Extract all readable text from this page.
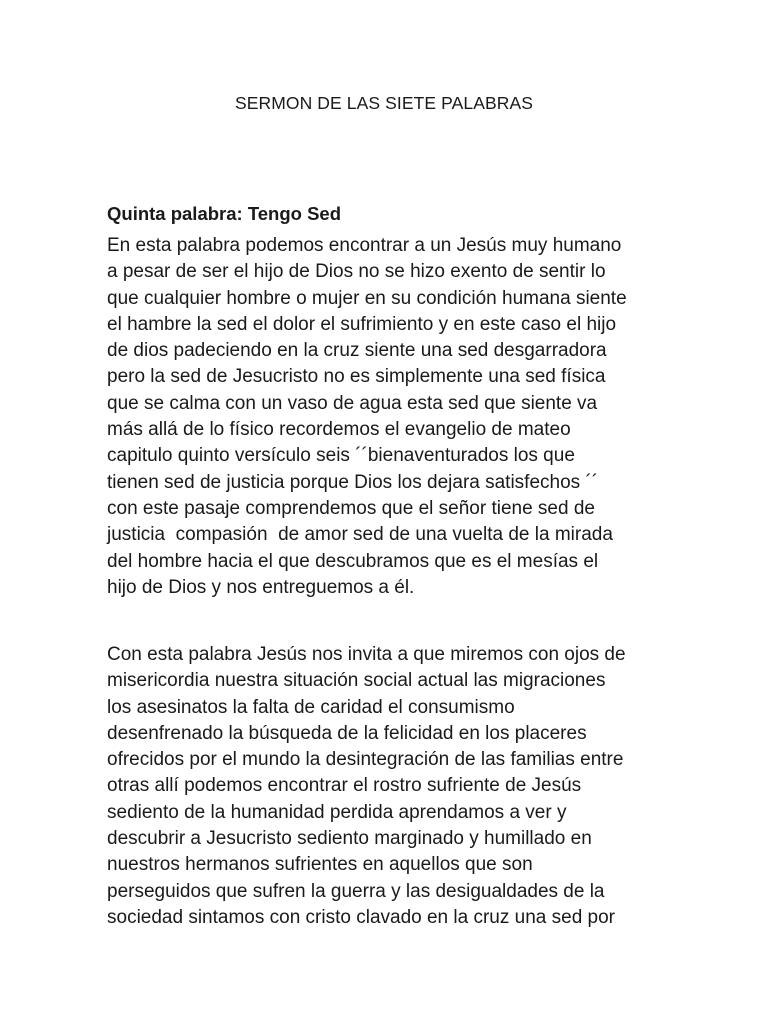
SERMON DE LAS SIETE PALABRAS
Quinta palabra: Tengo Sed

En esta palabra podemos encontrar a un Jesús muy humano
a pesar de ser el hijo de Dios no se hizo exento de sentir lo
que cualquier hombre o mujer en su condición humana siente
el hambre la sed el dolor el sufrimiento y en este caso el hijo
de dios padeciendo en la cruz siente una sed desgarradora
pero la sed de Jesucristo no es simplemente una sed física
que se calma con un vaso de agua esta sed que siente va
más allá de lo físico recordemos el evangelio de mateo
capitulo quinto versículo seis ´´bienaventurados los que
tienen sed de justicia porque Dios los dejara satisfechos ´´
con este pasaje comprendemos que el señor tiene sed de
justicia  compasión  de amor sed de una vuelta de la mirada
del hombre hacia el que descubramos que es el mesías el
hijo de Dios y nos entreguemos a él.

Con esta palabra Jesús nos invita a que miremos con ojos de
misericordia nuestra situación social actual las migraciones
los asesinatos la falta de caridad el consumismo
desenfrenado la búsqueda de la felicidad en los placeres
ofrecidos por el mundo la desintegración de las familias entre
otras allí podemos encontrar el rostro sufriente de Jesús
sediento de la humanidad perdida aprendamos a ver y
descubrir a Jesucristo sediento marginado y humillado en
nuestros hermanos sufrientes en aquellos que son
perseguidos que sufren la guerra y las desigualdades de la
sociedad sintamos con cristo clavado en la cruz una sed por
